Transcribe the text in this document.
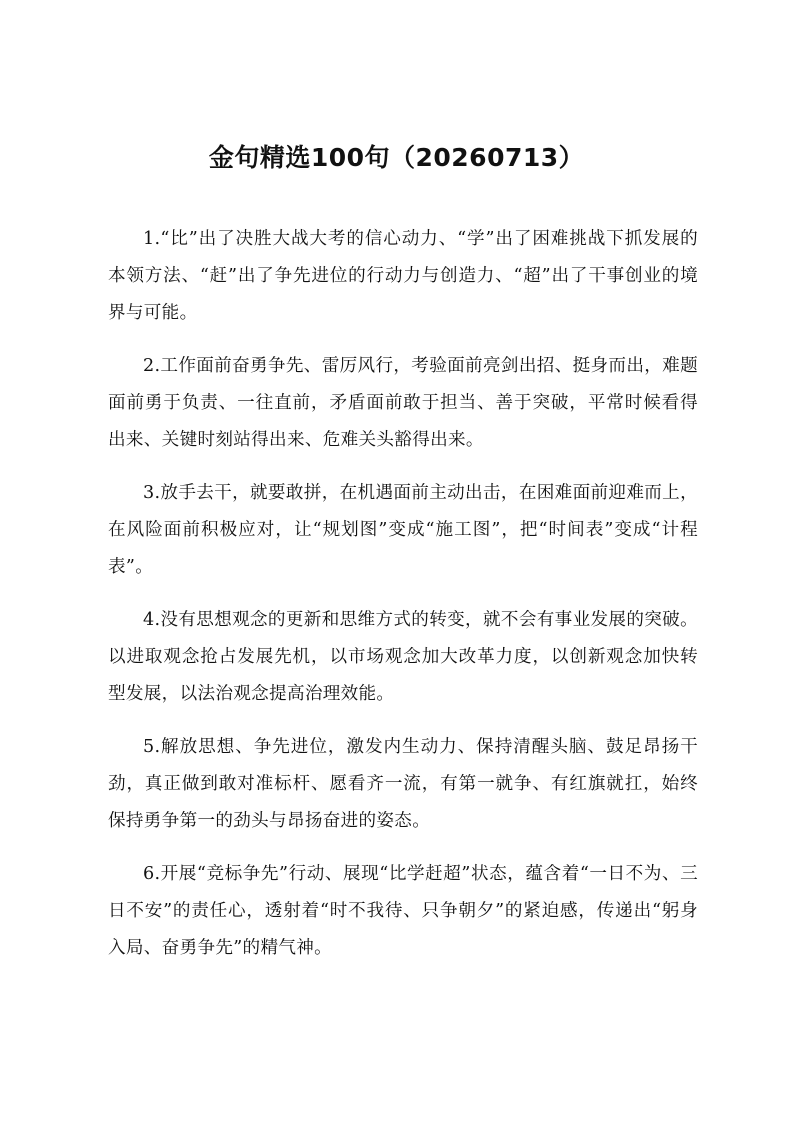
金句精选100句（20260713）

1.“比”出了决胜大战大考的信心动力、“学”出了困难挑战下抓发展的本领方法、“赶”出了争先进位的行动力与创造力、“超”出了干事创业的境界与可能。

2.工作面前奋勇争先、雷厉风行，考验面前亮剑出招、挺身而出，难题面前勇于负责、一往直前，矛盾面前敢于担当、善于突破，平常时候看得出来、关键时刻站得出来、危难关头豁得出来。

3.放手去干，就要敢拼，在机遇面前主动出击，在困难面前迎难而上，在风险面前积极应对，让“规划图”变成“施工图”，把“时间表”变成“计程表”。

4.没有思想观念的更新和思维方式的转变，就不会有事业发展的突破。以进取观念抢占发展先机，以市场观念加大改革力度，以创新观念加快转型发展，以法治观念提高治理效能。

5.解放思想、争先进位，激发内生动力、保持清醒头脑、鼓足昂扬干劲，真正做到敢对准标杆、愿看齐一流，有第一就争、有红旗就扛，始终保持勇争第一的劲头与昂扬奋进的姿态。

6.开展“竞标争先”行动、展现“比学赶超”状态，蕴含着“一日不为、三日不安”的责任心，透射着“时不我待、只争朝夕”的紧迫感，传递出“躬身入局、奋勇争先”的精气神。
